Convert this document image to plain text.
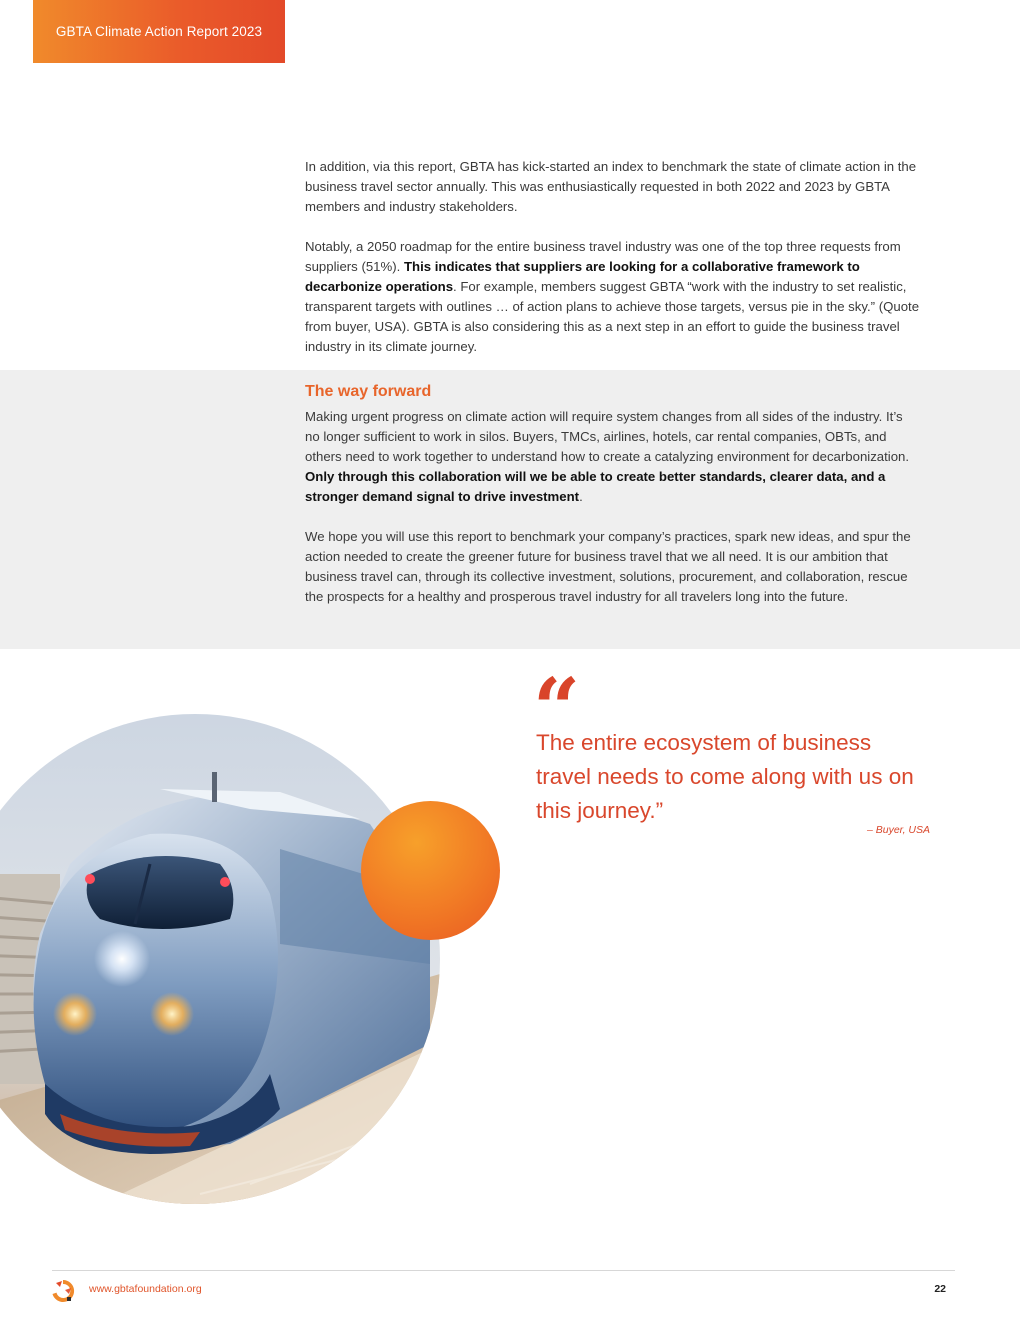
GBTA Climate Action Report 2023

In addition, via this report, GBTA has kick-started an index to benchmark the state of climate action in the business travel sector annually. This was enthusiastically requested in both 2022 and 2023 by GBTA members and industry stakeholders.

Notably, a 2050 roadmap for the entire business travel industry was one of the top three requests from suppliers (51%). This indicates that suppliers are looking for a collaborative framework to decarbonize operations. For example, members suggest GBTA “work with the industry to set realistic, transparent targets with outlines … of action plans to achieve those targets, versus pie in the sky.” (Quote from buyer, USA). GBTA is also considering this as a next step in an effort to guide the business travel industry in its climate journey.

The way forward

Making urgent progress on climate action will require system changes from all sides of the industry. It’s no longer sufficient to work in silos. Buyers, TMCs, airlines, hotels, car rental companies, OBTs, and others need to work together to understand how to create a catalyzing environment for decarbonization. Only through this collaboration will we be able to create better standards, clearer data, and a stronger demand signal to drive investment.

We hope you will use this report to benchmark your company’s practices, spark new ideas, and spur the action needed to create the greener future for business travel that we all need. It is our ambition that business travel can, through its collective investment, solutions, procurement, and collaboration, rescue the prospects for a healthy and prosperous travel industry for all travelers long into the future.

“
The entire ecosystem of business travel needs to come along with us on this journey.”
– Buyer, USA
www.gbtafoundation.org	22
